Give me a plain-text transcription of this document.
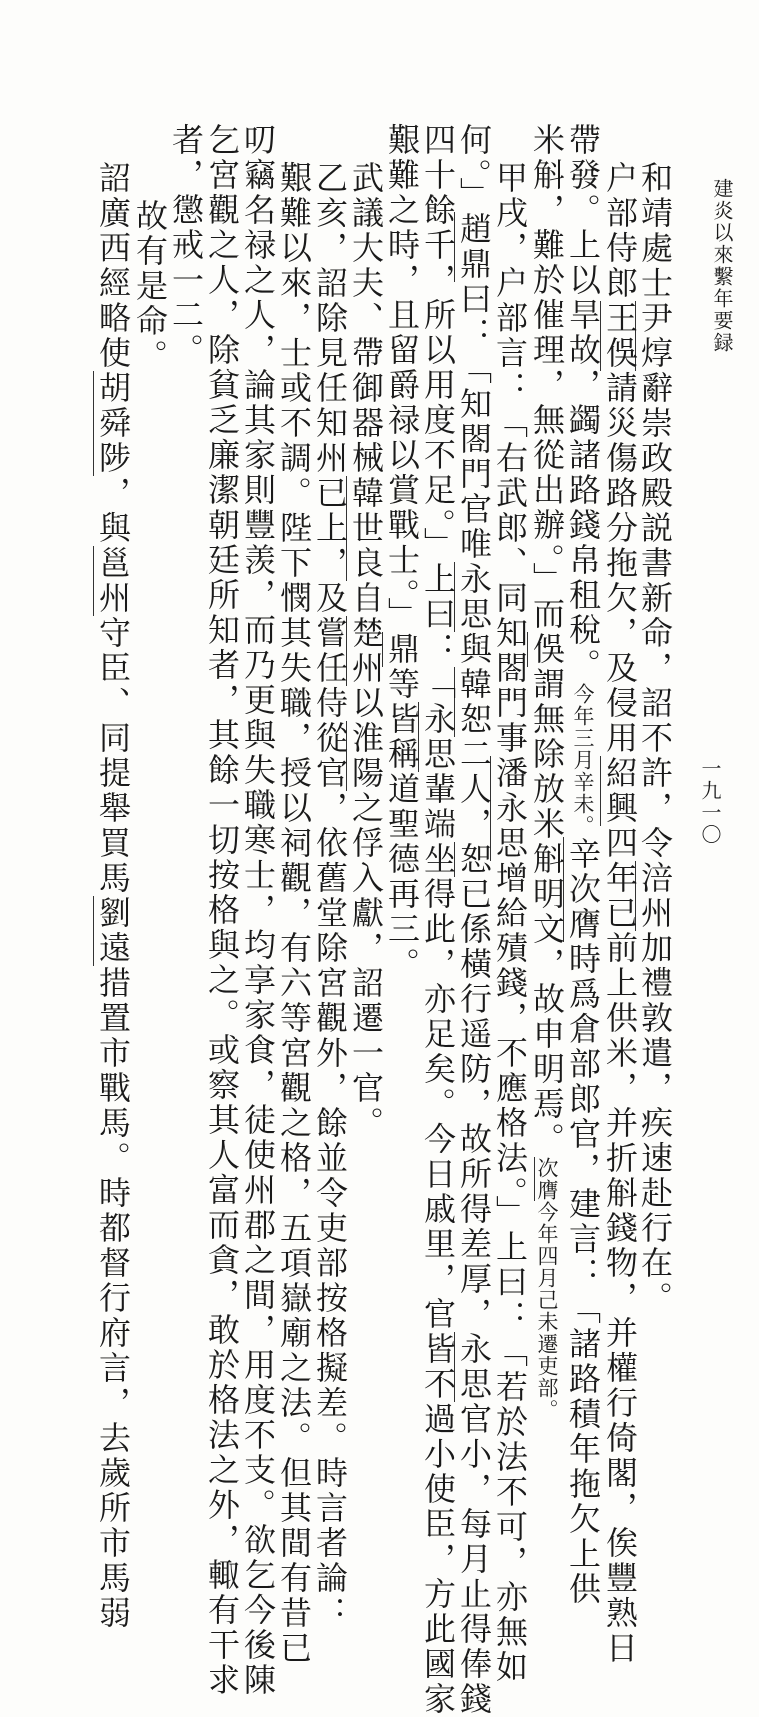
建炎以來繫年要録
一九一〇
和靖處士尹焞辭崇政殿説書新命，詔不許，令涪州加禮敦遣，疾速赴行在。
户部侍郎王俁請災傷路分拖欠，及侵用紹興四年已前上供米，并折斛錢物，并權行倚閣，俟豐熟日
帶發。上以旱故，蠲諸路錢帛租稅。今年三月辛未。辛次膺時爲倉部郎官，建言：「諸路積年拖欠上供
米斛，難於催理，無從出辦。」而俁謂無除放米斛明文，故申明焉。次膺今年四月己未遷吏部。
甲戌，户部言：「右武郎、同知閤門事潘永思增給㱴錢，不應格法。」上曰：「若於法不可，亦無如
何。」趙鼎曰：「知閤門官唯永思與韓恕二人，恕已係橫行遥防，故所得差厚，永思官小，每月止得俸錢
四十餘千，所以用度不足。」上曰：「永思輩端坐得此，亦足矣。今日戚里，官皆不過小使臣，方此國家
艱難之時，且留爵禄以賞戰士。」鼎等皆稱道聖德再三。
武議大夫、帶御器械韓世良自楚州以淮陽之俘入獻，詔遷一官。
乙亥，詔除見任知州已上，及嘗任侍從官，依舊堂除宮觀外，餘並令吏部按格擬差。時言者論：
艱難以來，士或不調。陛下憫其失職，授以祠觀，有六等宮觀之格，五項嶽廟之法。但其間有昔已
叨竊名禄之人，論其家則豐羡，而乃更與失職寒士，均享家食，徒使州郡之間，用度不支。欲乞今後陳
乞宮觀之人，除貧乏廉潔朝廷所知者，其餘一切按格與之。或察其人富而貪，敢於格法之外，輙有干求
者，懲戒一二。
故有是命。
詔廣西經略使胡舜陟，與邕州守臣、同提舉買馬劉遠措置市戰馬。時都督行府言，去歲所市馬弱
